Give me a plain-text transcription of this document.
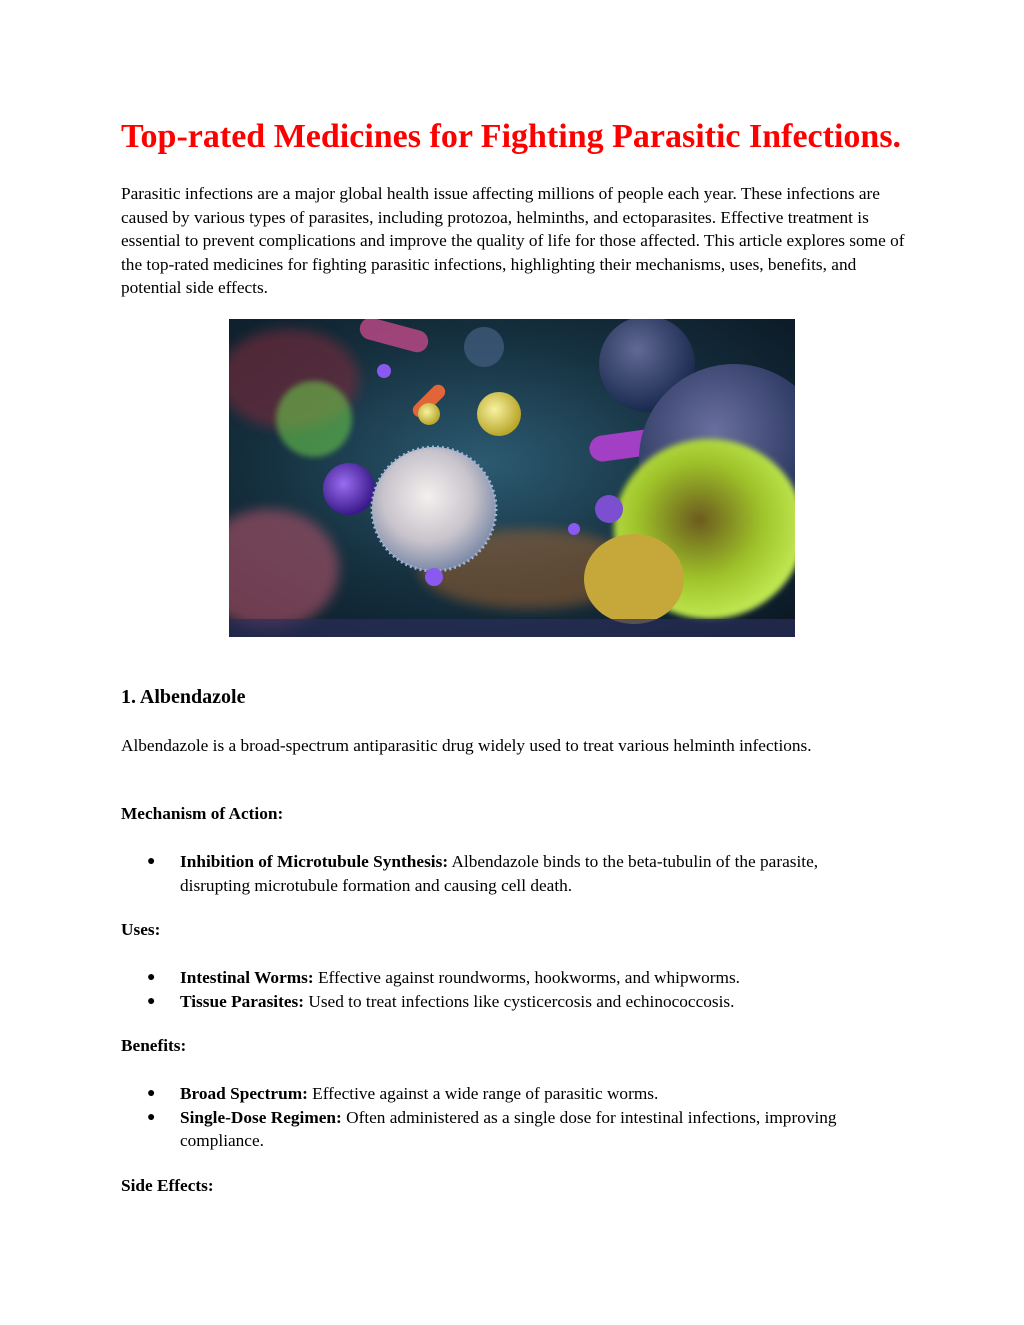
Top-rated Medicines for Fighting Parasitic Infections.

Parasitic infections are a major global health issue affecting millions of people each year. These infections are caused by various types of parasites, including protozoa, helminths, and ectoparasites. Effective treatment is essential to prevent complications and improve the quality of life for those affected. This article explores some of the top-rated medicines for fighting parasitic infections, highlighting their mechanisms, uses, benefits, and potential side effects.

1. Albendazole

Albendazole is a broad-spectrum antiparasitic drug widely used to treat various helminth infections.

Mechanism of Action:

● Inhibition of Microtubule Synthesis: Albendazole binds to the beta-tubulin of the parasite, disrupting microtubule formation and causing cell death.

Uses:

● Intestinal Worms: Effective against roundworms, hookworms, and whipworms.
● Tissue Parasites: Used to treat infections like cysticercosis and echinococcosis.

Benefits:

● Broad Spectrum: Effective against a wide range of parasitic worms.
● Single-Dose Regimen: Often administered as a single dose for intestinal infections, improving compliance.

Side Effects:
